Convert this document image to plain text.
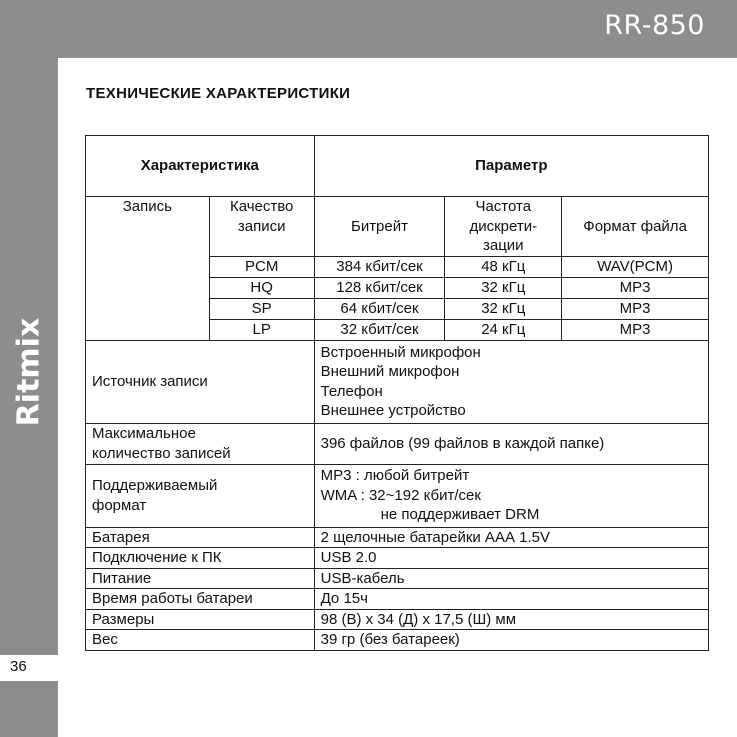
RR-850
Ritmix
36
ТЕХНИЧЕСКИЕ ХАРАКТЕРИСТИКИ
Характеристика		Параметр		
Запись	Качество записи	Битрейт	Частота дискрети-зации	Формат файла
	PCM	384 кбит/сек	48 кГц	WAV(PCM)
	HQ	128 кбит/сек	32 кГц	MP3
	SP	64 кбит/сек	32 кГц	MP3
	LP	32 кбит/сек	24 кГц	MP3
Источник записи		Встроенный микрофон
Внешний микрофон
Телефон
Внешнее устройство		

Максимальное
количество записей		396 файлов (99 файлов в каждой папке)		

Поддерживаемый
формат		MP3 : любой битрейт
WMA : 32~192 кбит/сек
не поддерживает DRM		

Батарея		2 щелочные батарейки ААА 1.5V		
Подключение к ПК		USB 2.0		
Питание		USB-кабель		
Время работы батареи		До 15ч		
Размеры		98 (В) х 34 (Д) х 17,5 (Ш) мм		
Вес		39 гр (без батареек)		
